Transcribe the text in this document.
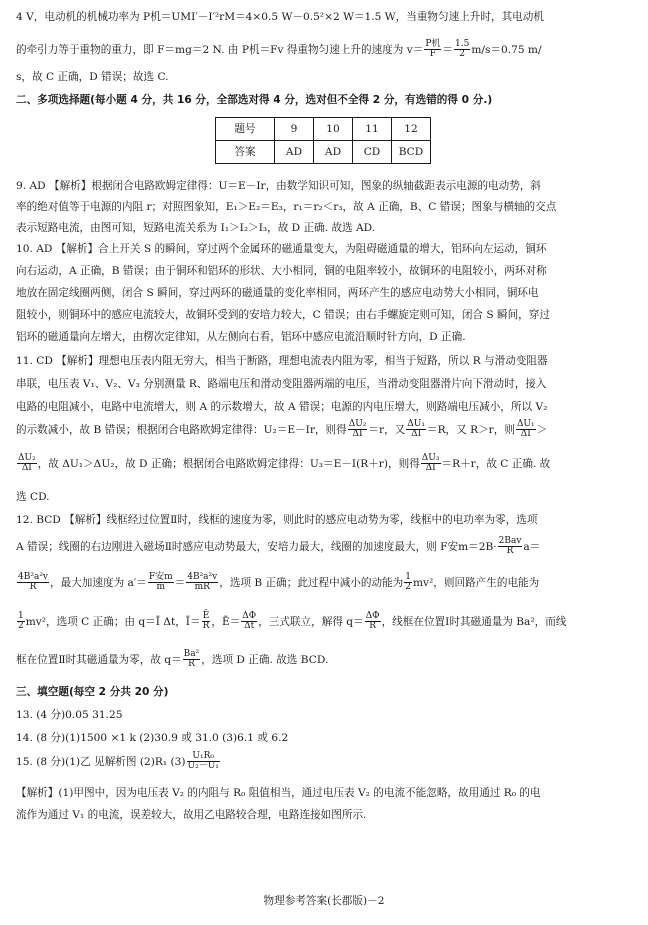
4 V，电动机的机械功率为 P机＝UMI′－I′²rM＝4×0.5 W－0.5²×2 W＝1.5 W，当重物匀速上升时，其电动机
的牵引力等于重物的重力，即 F＝mg＝2 N. 由 P机＝Fv 得重物匀速上升的速度为 $v= \frac{\text{P机}}{F} = \frac{1.5}{2} m/s=0.75$ m/
s，故 C 正确，D 错误；故选 C.
二、多项选择题(每小题 4 分，共 16 分，全部选对得 4 分，选对但不全得 2 分，有选错的得 0 分.)
题号	9	10	11	12
答案	AD	AD	CD	BCD
9. AD 【解析】根据闭合电路欧姆定律得：U＝E－Ir，由数学知识可知，图象的纵轴截距表示电源的电动势，斜
率的绝对值等于电源的内阻 r；对照图象知，E₁＞E₂＝E₃，r₁＝r₂＜r₃，故 A 正确，B、C 错误；图象与横轴的交点
表示短路电流，由图可知，短路电流关系为 I₁＞I₂＞I₃，故 D 正确. 故选 AD.
10. AD 【解析】合上开关 S 的瞬间，穿过两个金属环的磁通量变大，为阻碍磁通量的增大，铝环向左运动，铜环
向右运动，A 正确，B 错误；由于铜环和铝环的形状、大小相同，铜的电阻率较小，故铜环的电阻较小，两环对称
地放在固定线圈两侧，闭合 S 瞬间，穿过两环的磁通量的变化率相同，两环产生的感应电动势大小相同，铜环电
阻较小，则铜环中的感应电流较大，故铜环受到的安培力较大，C 错误；由右手螺旋定则可知，闭合 S 瞬间，穿过
铝环的磁通量向左增大，由楞次定律知，从左侧向右看，铝环中感应电流沿顺时针方向，D 正确.
11. CD 【解析】理想电压表内阻无穷大，相当于断路，理想电流表内阻为零，相当于短路，所以 R 与滑动变阻器
串联，电压表 V₁、V₂、V₃ 分别测量 R、路端电压和滑动变阻器两端的电压，当滑动变阻器滑片向下滑动时，接入
电路的电阻减小，电路中电流增大，则 A 的示数增大，故 A 错误；电源的内电压增大，则路端电压减小，所以 V₂
的示数减小，故 B 错误；根据闭合电路欧姆定律得：U₂＝E－Ir，则得 $\frac{\text{ΔU₂}}{\Delta I} =r$，又 $\frac{\text{ΔU₁}}{\Delta I} =R$，又 R＞r，则 $\frac{\text{ΔU₁}}{\Delta I}$ ＞
$\frac{\text{ΔU₂}}{\Delta I}$ ，故 ΔU₁＞ΔU₂，故 D 正确；根据闭合电路欧姆定律得：U₃＝E－I(R＋r)，则得 $\frac{\text{ΔU₃}}{\Delta I} =R+r$，故 C 正确. 故
选 CD.
12. BCD 【解析】线框经过位置Ⅱ时，线框的速度为零，则此时的感应电动势为零，线框中的电功率为零，选项
A 错误；线圈的右边刚进入磁场Ⅱ时感应电动势最大，安培力最大，线圈的加速度最大，则 F安$m=2B\cdot \frac{\text{2Bav}}{R} a=$
$\frac{\text{4B²a²v}}{R}$ ，最大加速度为 $a'= \frac{\text{F安m}}{m} = \frac{\text{4B²a²v}}{mR}$ ，选项 B 正确；此过程中减小的动能为 $\frac{1}{2} mv^2$，则回路产生的电能为
$\frac{1}{2} mv^2$，选项 C 正确；由 q＝Ī Δt，Ī＝ $\frac{Ē}{R}$ ，Ē＝ $\frac{\Delta\Phi}{\Delta t}$ ，三式联立，解得 $q= \frac{\Delta\Phi}{R}$ ，线框在位置Ⅰ时其磁通量为 Ba²，而线
框在位置Ⅱ时其磁通量为零，故 $q= \frac{\text{Ba²}}{R}$ ，选项 D 正确. 故选 BCD.
三、填空题(每空 2 分共 20 分)
13. (4 分)0.05 31.25
14. (8 分)(1)1500 ×1 k (2)30.9 或 31.0 (3)6.1 或 6.2
15. (8 分)(1)乙 见解析图 (2)R₁ $(3) \frac{\text{U₁R₀}}{\text{U₂－U₁}}$
【解析】(1)甲图中，因为电压表 V₂ 的内阻与 R₀ 阻值相当，通过电压表 V₂ 的电流不能忽略，故用通过 R₀ 的电
流作为通过 V₁ 的电流，误差较大，故用乙电路较合理，电路连接如图所示.
物理参考答案(长郡版)－2
